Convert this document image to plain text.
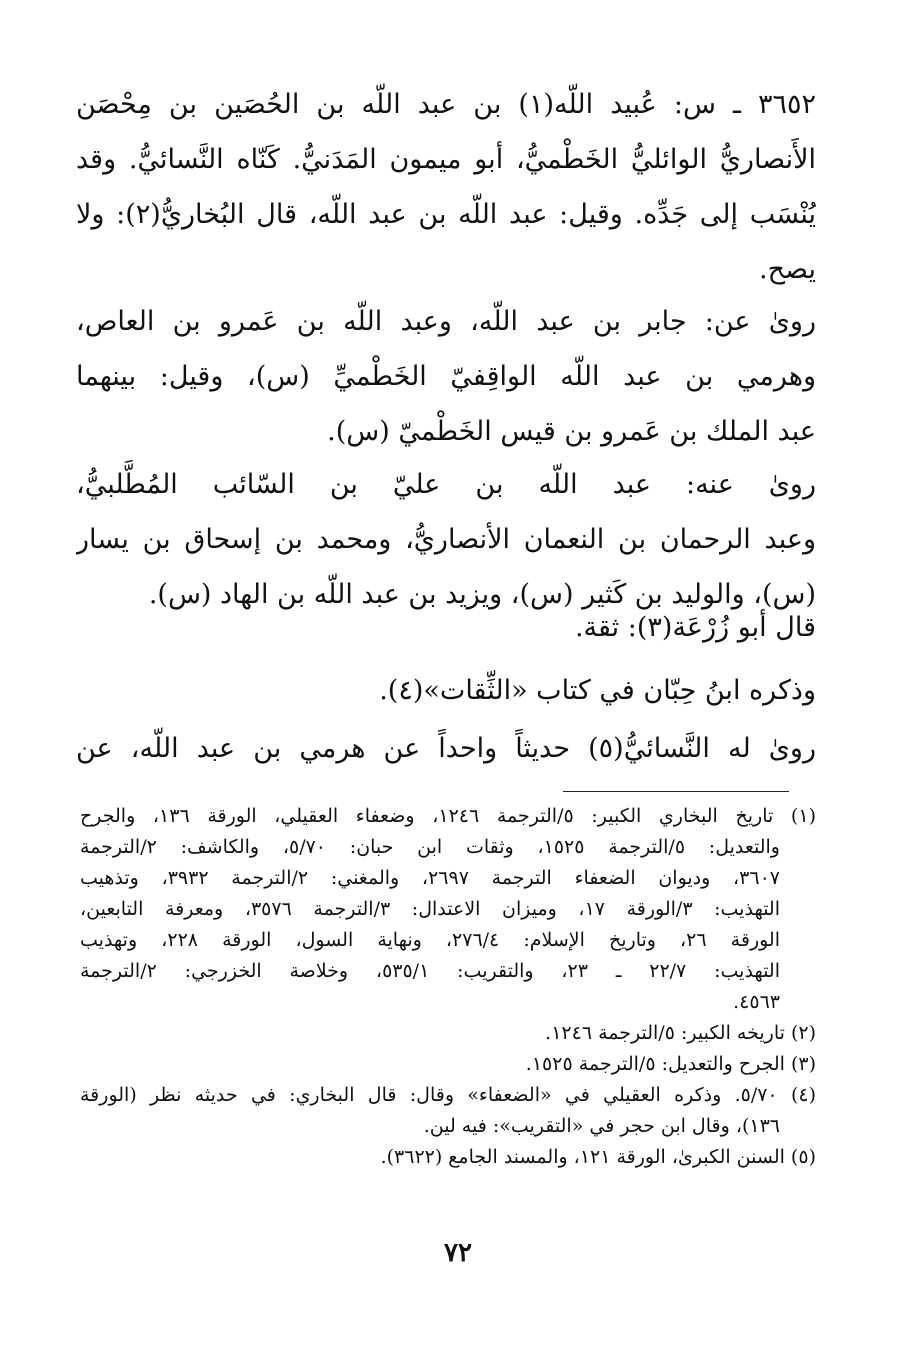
٣٦٥٢ ـ س: عُبيد اللّه(١) بن عبد اللّه بن الحُصَين بن مِحْصَن
الأَنصاريُّ الوائليُّ الخَطْميُّ، أبو ميمون المَدَنيُّ. كَنّاه النَّسائيُّ. وقد
يُنْسَب إلى جَدِّه. وقيل: عبد اللّه بن عبد اللّه، قال البُخاريُّ(٢): ولا
يصح.
روىٰ عن: جابر بن عبد اللّه، وعبد اللّه بن عَمرو بن العاص،
وهرمي بن عبد اللّه الواقِفيّ الخَطْميِّ (س)، وقيل: بينهما
عبد الملك بن عَمرو بن قيس الخَطْميّ (س).
روىٰ عنه: عبد اللّه بن عليّ بن السّائب المُطَّلبيُّ،
وعبد الرحمان بن النعمان الأنصاريُّ، ومحمد بن إسحاق بن يسار
(س)، والوليد بن كَثير (س)، ويزيد بن عبد اللّه بن الهاد (س).
قال أبو زُرْعَة(٣): ثقة.
وذكره ابنُ حِبّان في كتاب «الثِّقات»(٤).
روىٰ له النَّسائيُّ(٥) حديثاً واحداً عن هرمي بن عبد اللّه، عن
(١) تاريخ البخاري الكبير: ٥/الترجمة ١٢٤٦، وضعفاء العقيلي، الورقة ١٣٦، والجرح
والتعديل: ٥/الترجمة ١٥٢٥، وثقات ابن حبان: ٥/٧٠، والكاشف: ٢/الترجمة
٣٦٠٧، وديوان الضعفاء الترجمة ٢٦٩٧، والمغني: ٢/الترجمة ٣٩٣٢، وتذهيب
التهذيب: ٣/الورقة ١٧، وميزان الاعتدال: ٣/الترجمة ٣٥٧٦، ومعرفة التابعين،
الورقة ٢٦، وتاريخ الإسلام: ٢٧٦/٤، ونهاية السول، الورقة ٢٢٨، وتهذيب
التهذيب: ٢٢/٧ ـ ٢٣، والتقريب: ٥٣٥/١، وخلاصة الخزرجي: ٢/الترجمة
٤٥٦٣.
(٢) تاريخه الكبير: ٥/الترجمة ١٢٤٦.
(٣) الجرح والتعديل: ٥/الترجمة ١٥٢٥.
(٤) ٥/٧٠. وذكره العقيلي في «الضعفاء» وقال: قال البخاري: في حديثه نظر (الورقة
١٣٦)، وقال ابن حجر في «التقريب»: فيه لين.
(٥) السنن الكبرىٰ، الورقة ١٢١، والمسند الجامع (٣٦٢٢).
٧٢
